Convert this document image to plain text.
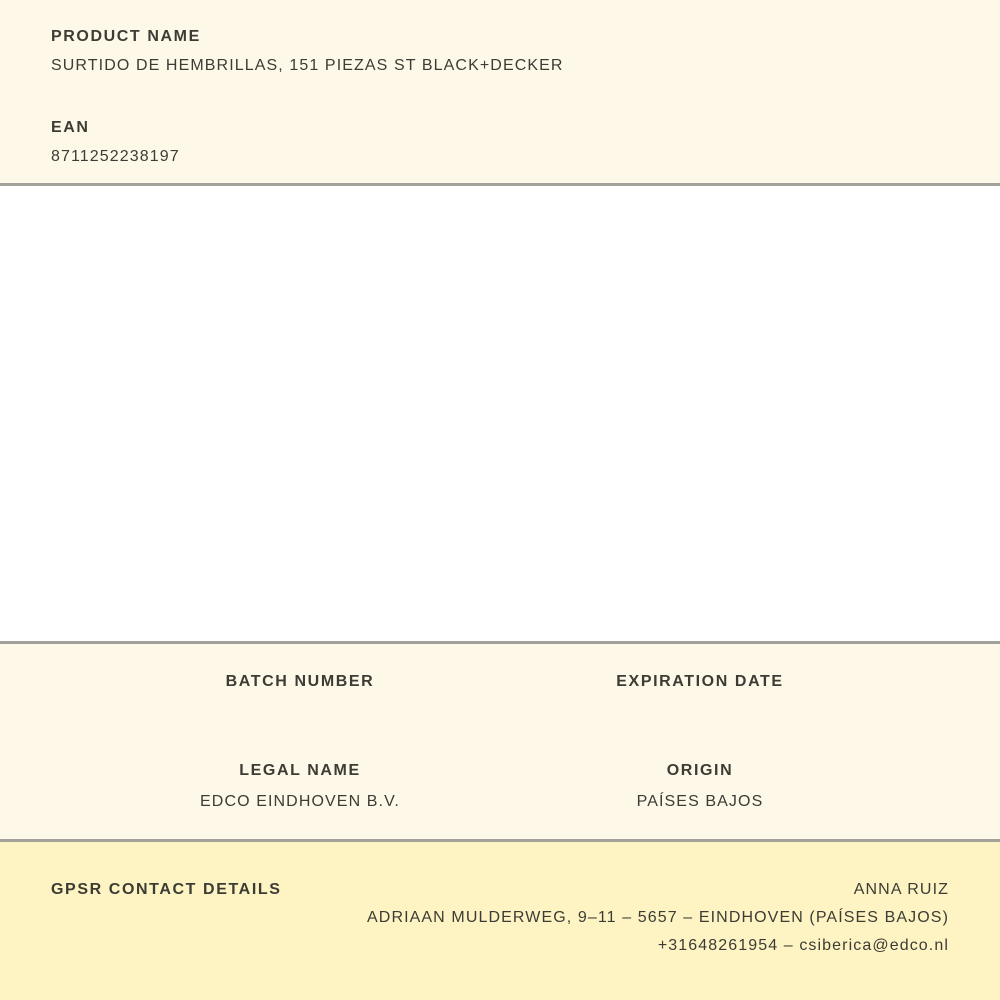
PRODUCT NAME
SURTIDO DE HEMBRILLAS, 151 PIEZAS ST BLACK+DECKER
EAN
8711252238197
BATCH NUMBER	EXPIRATION DATE
LEGAL NAME
EDCO EINDHOVEN B.V.
ORIGIN
PAÍSES BAJOS
GPSR CONTACT DETAILS	ANNA RUIZ
ADRIAAN MULDERWEG, 9–11 – 5657 – EINDHOVEN (PAÍSES BAJOS)
+31648261954 – csiberica@edco.nl
